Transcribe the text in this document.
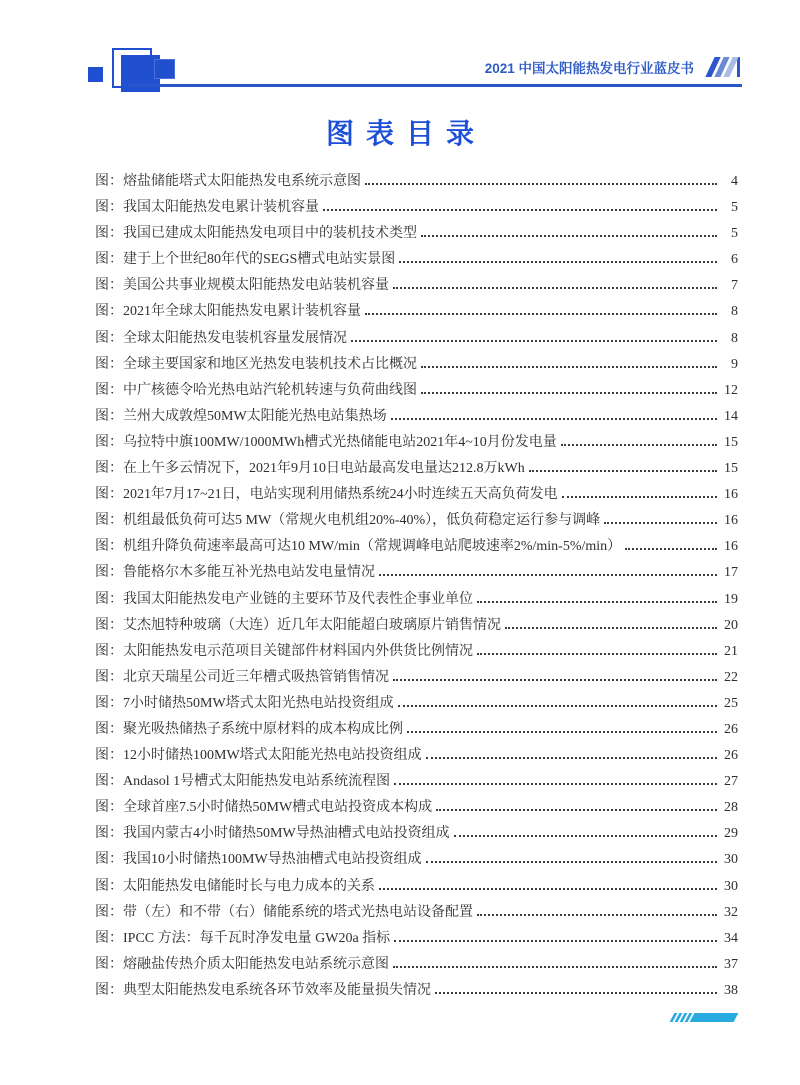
2021 中国太阳能热发电行业蓝皮书
图表目录
图：熔盐储能塔式太阳能热发电系统示意图	4
图：我国太阳能热发电累计装机容量	5
图：我国已建成太阳能热发电项目中的装机技术类型	5
图：建于上个世纪80年代的SEGS槽式电站实景图	6
图：美国公共事业规模太阳能热发电站装机容量	7
图：2021年全球太阳能热发电累计装机容量	8
图：全球太阳能热发电装机容量发展情况	8
图：全球主要国家和地区光热发电装机技术占比概况	9
图：中广核德令哈光热电站汽轮机转速与负荷曲线图	12
图：兰州大成敦煌50MW太阳能光热电站集热场	14
图：乌拉特中旗100MW/1000MWh槽式光热储能电站2021年4~10月份发电量	15
图：在上午多云情况下，2021年9月10日电站最高发电量达212.8万kWh	15
图：2021年7月17~21日，电站实现利用储热系统24小时连续五天高负荷发电	16
图：机组最低负荷可达5 MW（常规火电机组20%-40%），低负荷稳定运行参与调峰	16
图：机组升降负荷速率最高可达10 MW/min（常规调峰电站爬坡速率2%/min-5%/min）	16
图：鲁能格尔木多能互补光热电站发电量情况	17
图：我国太阳能热发电产业链的主要环节及代表性企事业单位	19
图：艾杰旭特种玻璃（大连）近几年太阳能超白玻璃原片销售情况	20
图：太阳能热发电示范项目关键部件材料国内外供货比例情况	21
图：北京天瑞星公司近三年槽式吸热管销售情况	22
图：7小时储热50MW塔式太阳光热电站投资组成	25
图：聚光吸热储热子系统中原材料的成本构成比例	26
图：12小时储热100MW塔式太阳能光热电站投资组成	26
图：Andasol 1号槽式太阳能热发电站系统流程图	27
图：全球首座7.5小时储热50MW槽式电站投资成本构成	28
图：我国内蒙古4小时储热50MW导热油槽式电站投资组成	29
图：我国10小时储热100MW导热油槽式电站投资组成	30
图：太阳能热发电储能时长与电力成本的关系	30
图：带（左）和不带（右）储能系统的塔式光热电站设备配置	32
图：IPCC 方法：每千瓦时净发电量 GW20a 指标	34
图：熔融盐传热介质太阳能热发电站系统示意图	37
图：典型太阳能热发电系统各环节效率及能量损失情况	38
